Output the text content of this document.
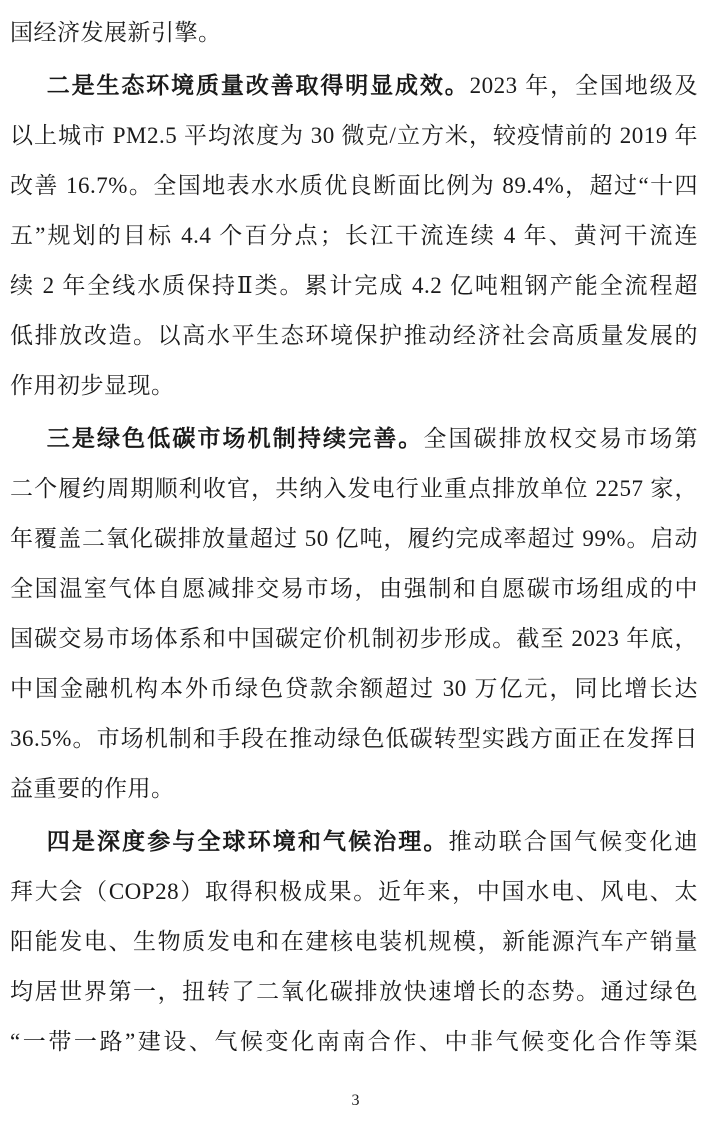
国经济发展新引擎。
二是生态环境质量改善取得明显成效。2023 年，全国地级及
以上城市 PM2.5 平均浓度为 30 微克/立方米，较疫情前的 2019 年
改善 16.7%。全国地表水水质优良断面比例为 89.4%，超过“十四
五”规划的目标 4.4 个百分点；长江干流连续 4 年、黄河干流连
续 2 年全线水质保持Ⅱ类。累计完成 4.2 亿吨粗钢产能全流程超
低排放改造。以高水平生态环境保护推动经济社会高质量发展的
作用初步显现。
三是绿色低碳市场机制持续完善。全国碳排放权交易市场第
二个履约周期顺利收官，共纳入发电行业重点排放单位 2257 家，
年覆盖二氧化碳排放量超过 50 亿吨，履约完成率超过 99%。启动
全国温室气体自愿减排交易市场，由强制和自愿碳市场组成的中
国碳交易市场体系和中国碳定价机制初步形成。截至 2023 年底，
中国金融机构本外币绿色贷款余额超过 30 万亿元，同比增长达
36.5%。市场机制和手段在推动绿色低碳转型实践方面正在发挥日
益重要的作用。
四是深度参与全球环境和气候治理。推动联合国气候变化迪
拜大会（COP28）取得积极成果。近年来，中国水电、风电、太
阳能发电、生物质发电和在建核电装机规模，新能源汽车产销量
均居世界第一，扭转了二氧化碳排放快速增长的态势。通过绿色
“一带一路”建设、气候变化南南合作、中非气候变化合作等渠
3
